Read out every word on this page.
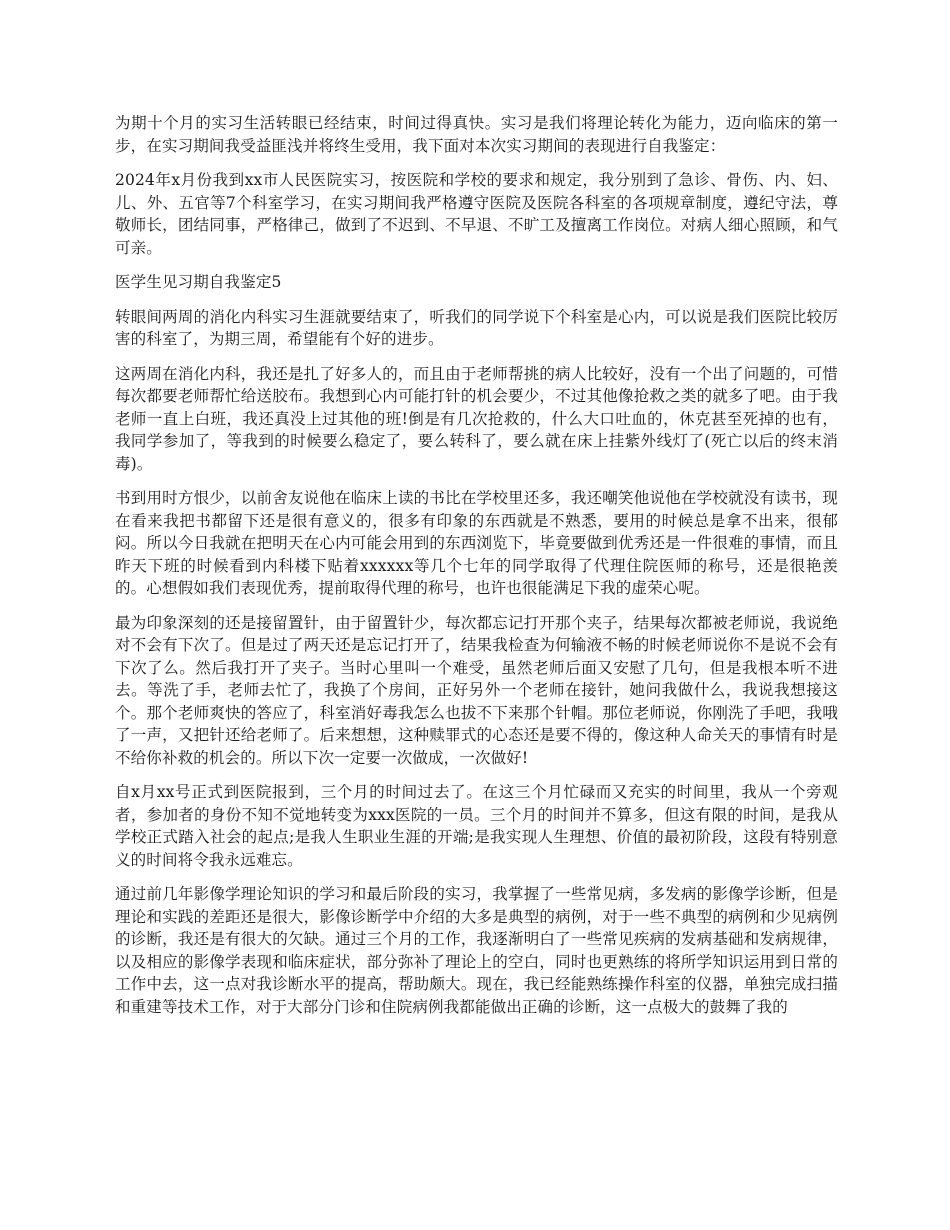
为期十个月的实习生活转眼已经结束，时间过得真快。实习是我们将理论转化为能力，迈向临床的第一步，在实习期间我受益匪浅并将终生受用，我下面对本次实习期间的表现进行自我鉴定：

2024年x月份我到xx市人民医院实习，按医院和学校的要求和规定，我分别到了急诊、骨伤、内、妇、儿、外、五官等7个科室学习，在实习期间我严格遵守医院及医院各科室的各项规章制度，遵纪守法，尊敬师长，团结同事，严格律己，做到了不迟到、不早退、不旷工及擅离工作岗位。对病人细心照顾，和气可亲。

医学生见习期自我鉴定5

转眼间两周的消化内科实习生涯就要结束了，听我们的同学说下个科室是心内，可以说是我们医院比较厉害的科室了，为期三周，希望能有个好的进步。

这两周在消化内科，我还是扎了好多人的，而且由于老师帮挑的病人比较好，没有一个出了问题的，可惜每次都要老师帮忙给送胶布。我想到心内可能打针的机会要少，不过其他像抢救之类的就多了吧。由于我老师一直上白班，我还真没上过其他的班!倒是有几次抢救的，什么大口吐血的，休克甚至死掉的也有，我同学参加了，等我到的时候要么稳定了，要么转科了，要么就在床上挂紫外线灯了(死亡以后的终末消毒)。

书到用时方恨少，以前舍友说他在临床上读的书比在学校里还多，我还嘲笑他说他在学校就没有读书，现在看来我把书都留下还是很有意义的，很多有印象的东西就是不熟悉，要用的时候总是拿不出来，很郁闷。所以今日我就在把明天在心内可能会用到的东西浏览下，毕竟要做到优秀还是一件很难的事情，而且昨天下班的时候看到内科楼下贴着xxxxxx等几个七年的同学取得了代理住院医师的称号，还是很艳羡的。心想假如我们表现优秀，提前取得代理的称号，也许也很能满足下我的虚荣心呢。

最为印象深刻的还是接留置针，由于留置针少，每次都忘记打开那个夹子，结果每次都被老师说，我说绝对不会有下次了。但是过了两天还是忘记打开了，结果我检查为何输液不畅的时候老师说你不是说不会有下次了么。然后我打开了夹子。当时心里叫一个难受，虽然老师后面又安慰了几句，但是我根本听不进去。等洗了手，老师去忙了，我换了个房间，正好另外一个老师在接针，她问我做什么，我说我想接这个。那个老师爽快的答应了，科室消好毒我怎么也拔不下来那个针帽。那位老师说，你刚洗了手吧，我哦了一声，又把针还给老师了。后来想想，这种赎罪式的心态还是要不得的，像这种人命关天的事情有时是不给你补救的机会的。所以下次一定要一次做成，一次做好!

自x月xx号正式到医院报到，三个月的时间过去了。在这三个月忙碌而又充实的时间里，我从一个旁观者，参加者的身份不知不觉地转变为xxx医院的一员。三个月的时间并不算多，但这有限的时间，是我从学校正式踏入社会的起点;是我人生职业生涯的开端;是我实现人生理想、价值的最初阶段，这段有特别意义的时间将令我永远难忘。

通过前几年影像学理论知识的学习和最后阶段的实习，我掌握了一些常见病，多发病的影像学诊断，但是理论和实践的差距还是很大，影像诊断学中介绍的大多是典型的病例，对于一些不典型的病例和少见病例的诊断，我还是有很大的欠缺。通过三个月的工作，我逐渐明白了一些常见疾病的发病基础和发病规律，以及相应的影像学表现和临床症状，部分弥补了理论上的空白，同时也更熟练的将所学知识运用到日常的工作中去，这一点对我诊断水平的提高，帮助颇大。现在，我已经能熟练操作科室的仪器，单独完成扫描和重建等技术工作，对于大部分门诊和住院病例我都能做出正确的诊断，这一点极大的鼓舞了我的
